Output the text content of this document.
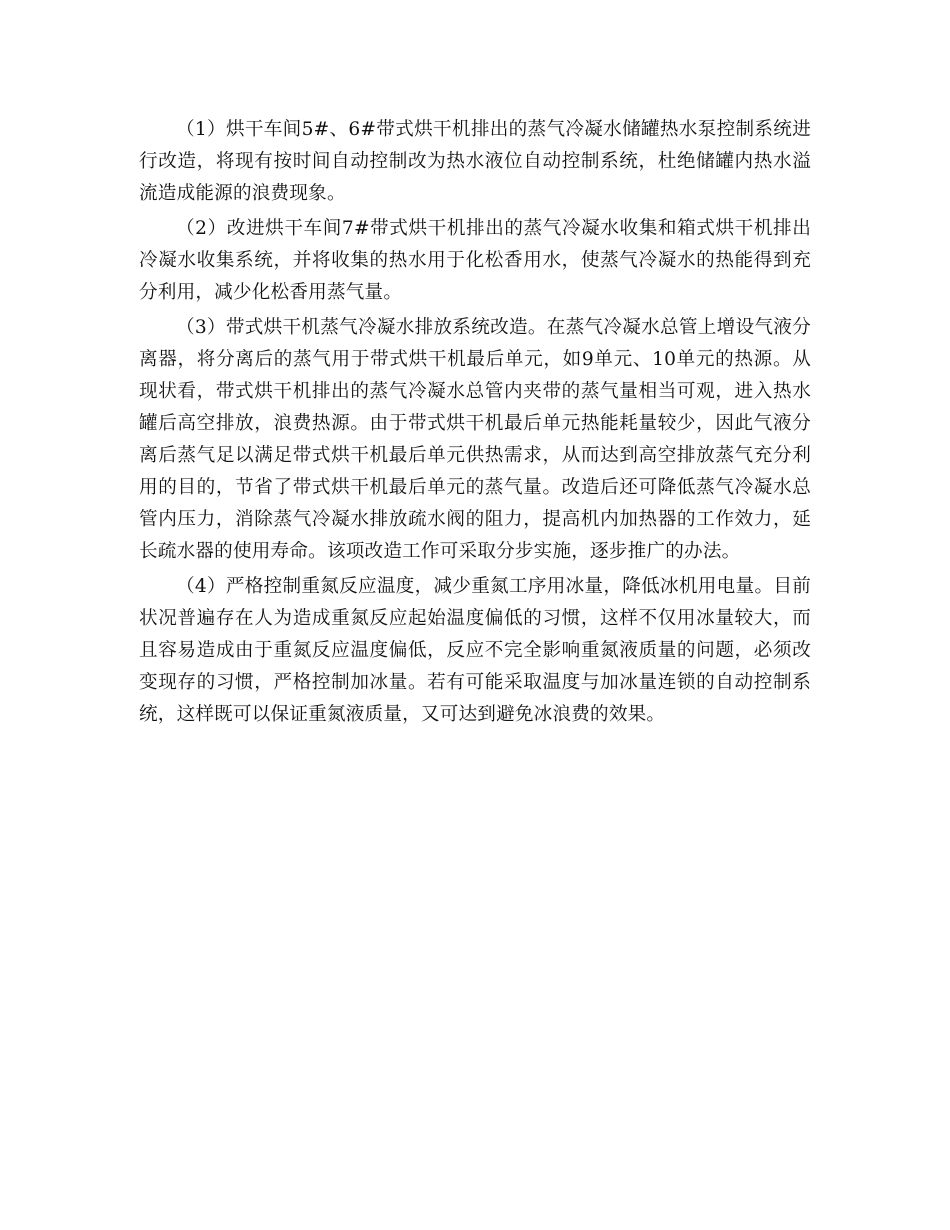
（1）烘干车间5#、6#带式烘干机排出的蒸气冷凝水储罐热水泵控制系统进行改造，将现有按时间自动控制改为热水液位自动控制系统，杜绝储罐内热水溢流造成能源的浪费现象。

（2）改进烘干车间7#带式烘干机排出的蒸气冷凝水收集和箱式烘干机排出冷凝水收集系统，并将收集的热水用于化松香用水，使蒸气冷凝水的热能得到充分利用，减少化松香用蒸气量。

（3）带式烘干机蒸气冷凝水排放系统改造。在蒸气冷凝水总管上增设气液分离器，将分离后的蒸气用于带式烘干机最后单元，如9单元、10单元的热源。从现状看，带式烘干机排出的蒸气冷凝水总管内夹带的蒸气量相当可观，进入热水罐后高空排放，浪费热源。由于带式烘干机最后单元热能耗量较少，因此气液分离后蒸气足以满足带式烘干机最后单元供热需求，从而达到高空排放蒸气充分利用的目的，节省了带式烘干机最后单元的蒸气量。改造后还可降低蒸气冷凝水总管内压力，消除蒸气冷凝水排放疏水阀的阻力，提高机内加热器的工作效力，延长疏水器的使用寿命。该项改造工作可采取分步实施，逐步推广的办法。

（4）严格控制重氮反应温度，减少重氮工序用冰量，降低冰机用电量。目前状况普遍存在人为造成重氮反应起始温度偏低的习惯，这样不仅用冰量较大，而且容易造成由于重氮反应温度偏低，反应不完全影响重氮液质量的问题，必须改变现存的习惯，严格控制加冰量。若有可能采取温度与加冰量连锁的自动控制系统，这样既可以保证重氮液质量，又可达到避免冰浪费的效果。
